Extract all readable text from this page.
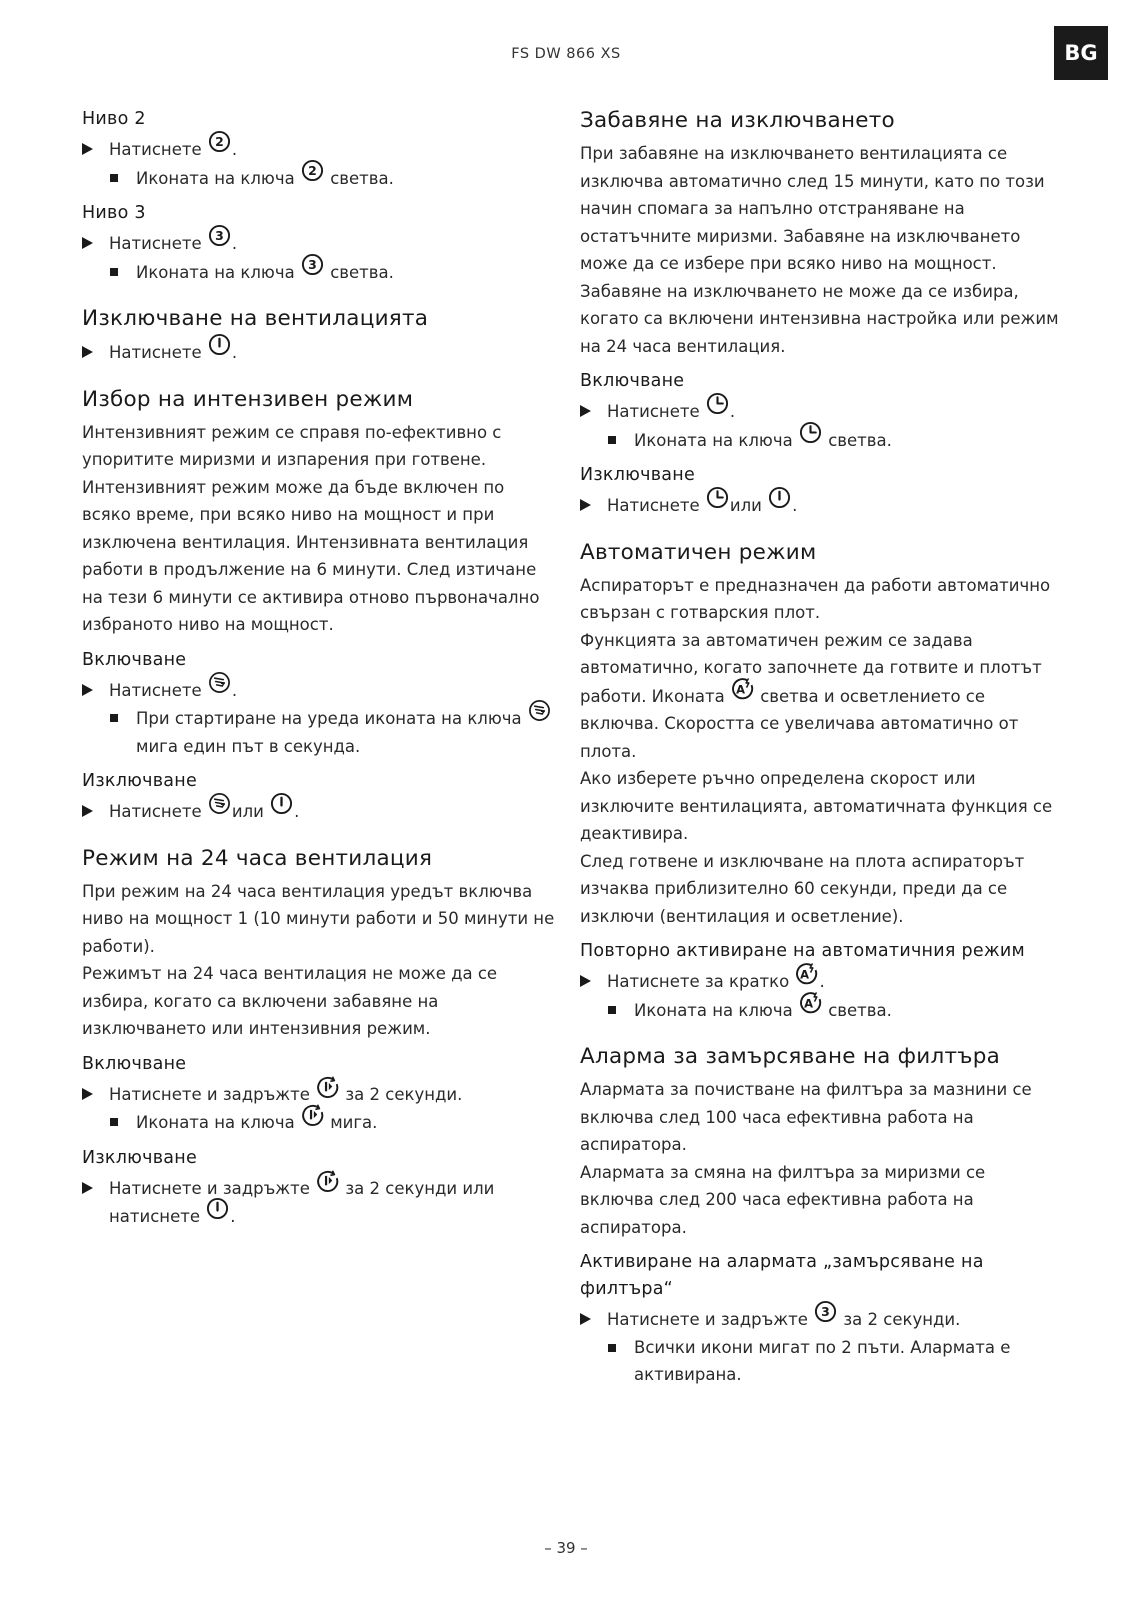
FS DW 866 XS	BG
Ниво 2

Натиснете .

Иконата на ключа светва.

Ниво 3

Натиснете .

Иконата на ключа светва.

Изключване на вентилацията

Натиснете .

Избор на интензивен режим

Интензивният режим се справя по-ефективно с упоритите миризми и изпарения при готвене. Интензивният режим може да бъде включен по всяко време, при всяко ниво на мощност и при изключена вентилация. Интензивната вентилация работи в продължение на 6 минути. След изтичане на тези 6 минути се активира отново първоначално избраното ниво на мощност.

Включване

Натиснете .

При стартиране на уреда иконата на ключа
мига един път в секунда.

Изключване

Натиснете или .

Режим на 24 часа вентилация

При режим на 24 часа вентилация уредът включва ниво на мощност 1 (10 минути работи и 50 минути не работи).

Режимът на 24 часа вентилация не може да се избира, когато са включени забавяне на изключването или интензивния режим.

Включване

Натиснете и задръжте за 2 секунди.

Иконата на ключа мига.

Изключване

Натиснете и задръжте за 2 секунди или
натиснете .

Забавяне на изключването

При забавяне на изключването вентилацията се изключва автоматично след 15 минути, като по този начин спомага за напълно отстраняване на остатъчните миризми. Забавяне на изключването може да се избере при всяко ниво на мощност. Забавяне на изключването не може да се избира, когато са включени интензивна настройка или режим на 24 часа вентилация.

Включване

Натиснете .

Иконата на ключа светва.

Изключване

Натиснете или .

Автоматичен режим

Аспираторът е предназначен да работи автоматично свързан с готварския плот.

Функцията за автоматичен режим се задава автоматично, когато започнете да готвите и плотът работи. Иконата светва и осветлението се включва. Скоростта се увеличава автоматично от плота.

Ако изберете ръчно определена скорост или изключите вентилацията, автоматичната функция се деактивира.

След готвене и изключване на плота аспираторът изчаква приблизително 60 секунди, преди да се изключи (вентилация и осветление).

Повторно активиране на автоматичния режим

Натиснете за кратко .

Иконата на ключа светва.

Аларма за замърсяване на филтъра

Алармата за почистване на филтъра за мазнини се включва след 100 часа ефективна работа на аспиратора.

Алармата за смяна на филтъра за миризми се включва след 200 часа ефективна работа на аспиратора.

Активиране на алармата „замърсяване на филтъра“

Натиснете и задръжте за 2 секунди.

Всички икони мигат по 2 пъти. Алармата е активирана.

– 39 –
